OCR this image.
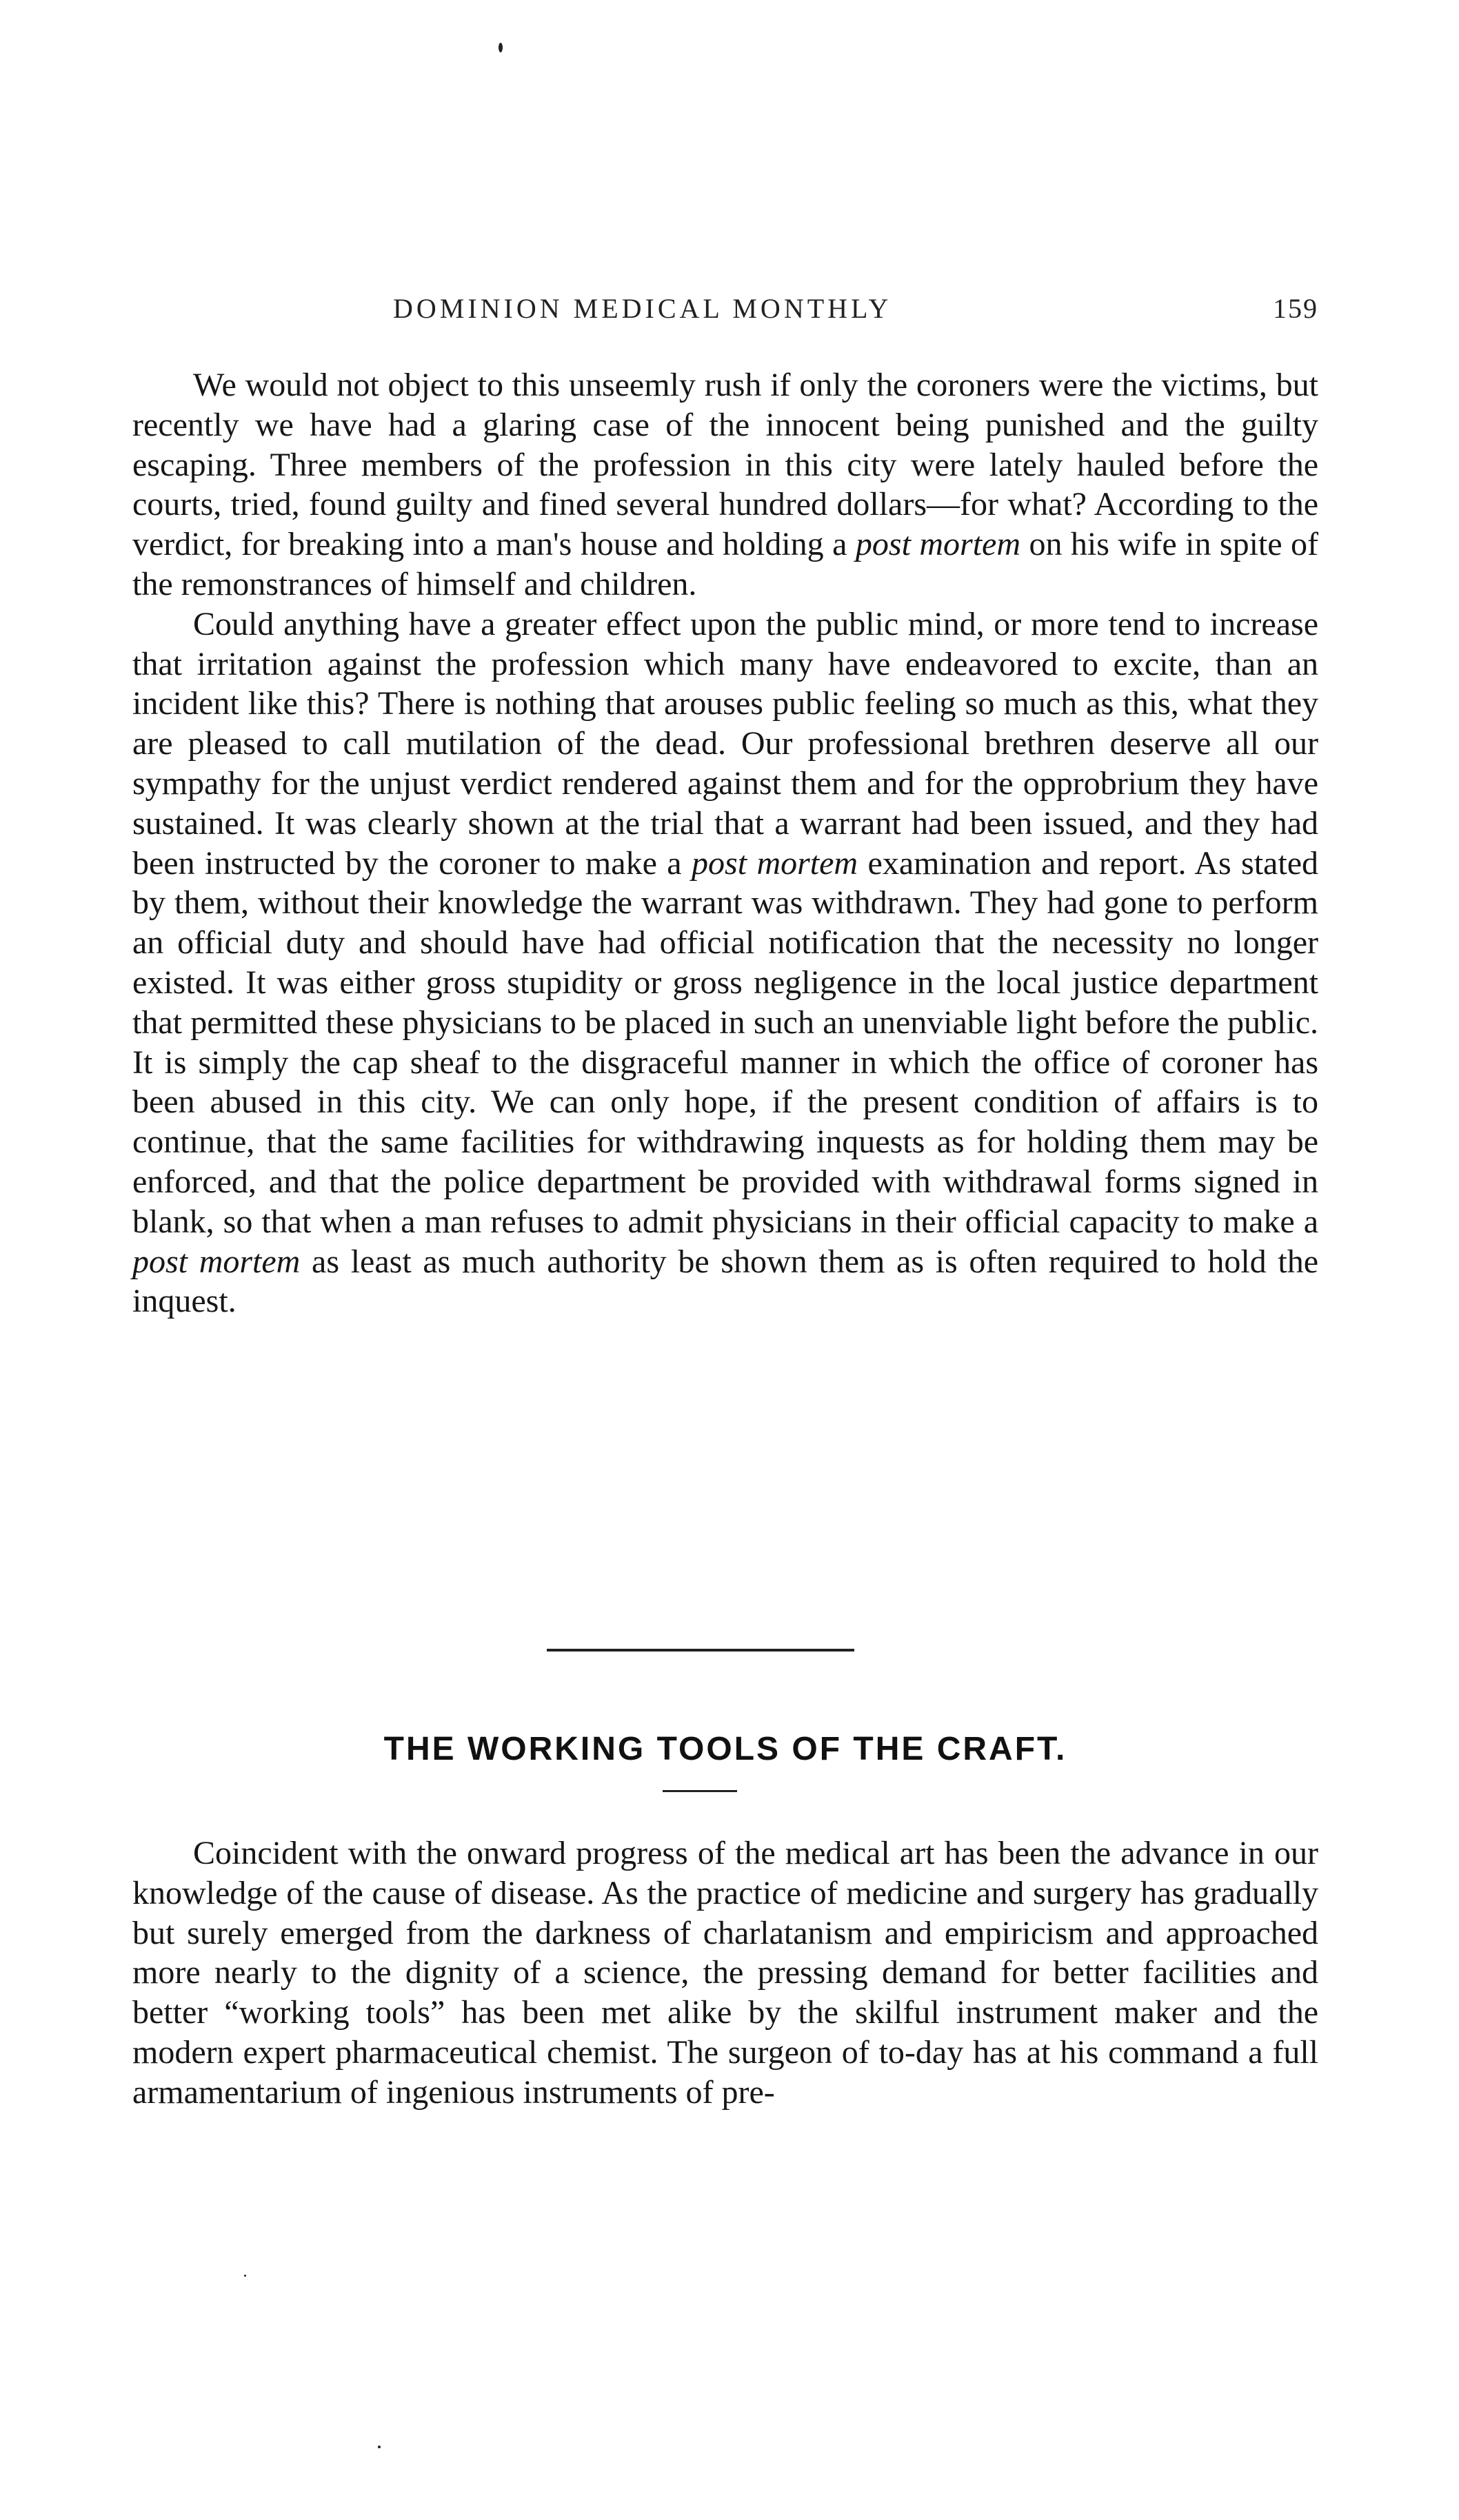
DOMINION MEDICAL MONTHLY	159

We would not object to this unseemly rush if only the coroners were the victims, but recently we have had a glaring case of the innocent being punished and the guilty escaping. Three members of the profession in this city were lately hauled before the courts, tried, found guilty and fined several hundred dollars—for what? According to the verdict, for breaking into a man's house and holding a post mortem on his wife in spite of the remonstrances of himself and children.

Could anything have a greater effect upon the public mind, or more tend to increase that irritation against the profession which many have endeavored to excite, than an incident like this? There is nothing that arouses public feeling so much as this, what they are pleased to call mutilation of the dead. Our professional brethren deserve all our sympathy for the unjust verdict rendered against them and for the opprobrium they have sustained. It was clearly shown at the trial that a warrant had been issued, and they had been instructed by the coroner to make a post mortem examination and report. As stated by them, without their knowledge the warrant was withdrawn. They had gone to perform an official duty and should have had official notification that the necessity no longer existed. It was either gross stupidity or gross negligence in the local justice department that permitted these physicians to be placed in such an unenviable light before the public. It is simply the cap sheaf to the disgraceful manner in which the office of coroner has been abused in this city. We can only hope, if the present condition of affairs is to continue, that the same facilities for withdrawing inquests as for holding them may be enforced, and that the police department be provided with withdrawal forms signed in blank, so that when a man refuses to admit physicians in their official capacity to make a post mortem as least as much authority be shown them as is often required to hold the inquest.

THE WORKING TOOLS OF THE CRAFT.

Coincident with the onward progress of the medical art has been the advance in our knowledge of the cause of disease. As the practice of medicine and surgery has gradually but surely emerged from the darkness of charlatanism and empiricism and approached more nearly to the dignity of a science, the pressing demand for better facilities and better “working tools” has been met alike by the skilful instrument maker and the modern expert pharmaceutical chemist. The surgeon of to-day has at his command a full armamentarium of ingenious instruments of pre-
